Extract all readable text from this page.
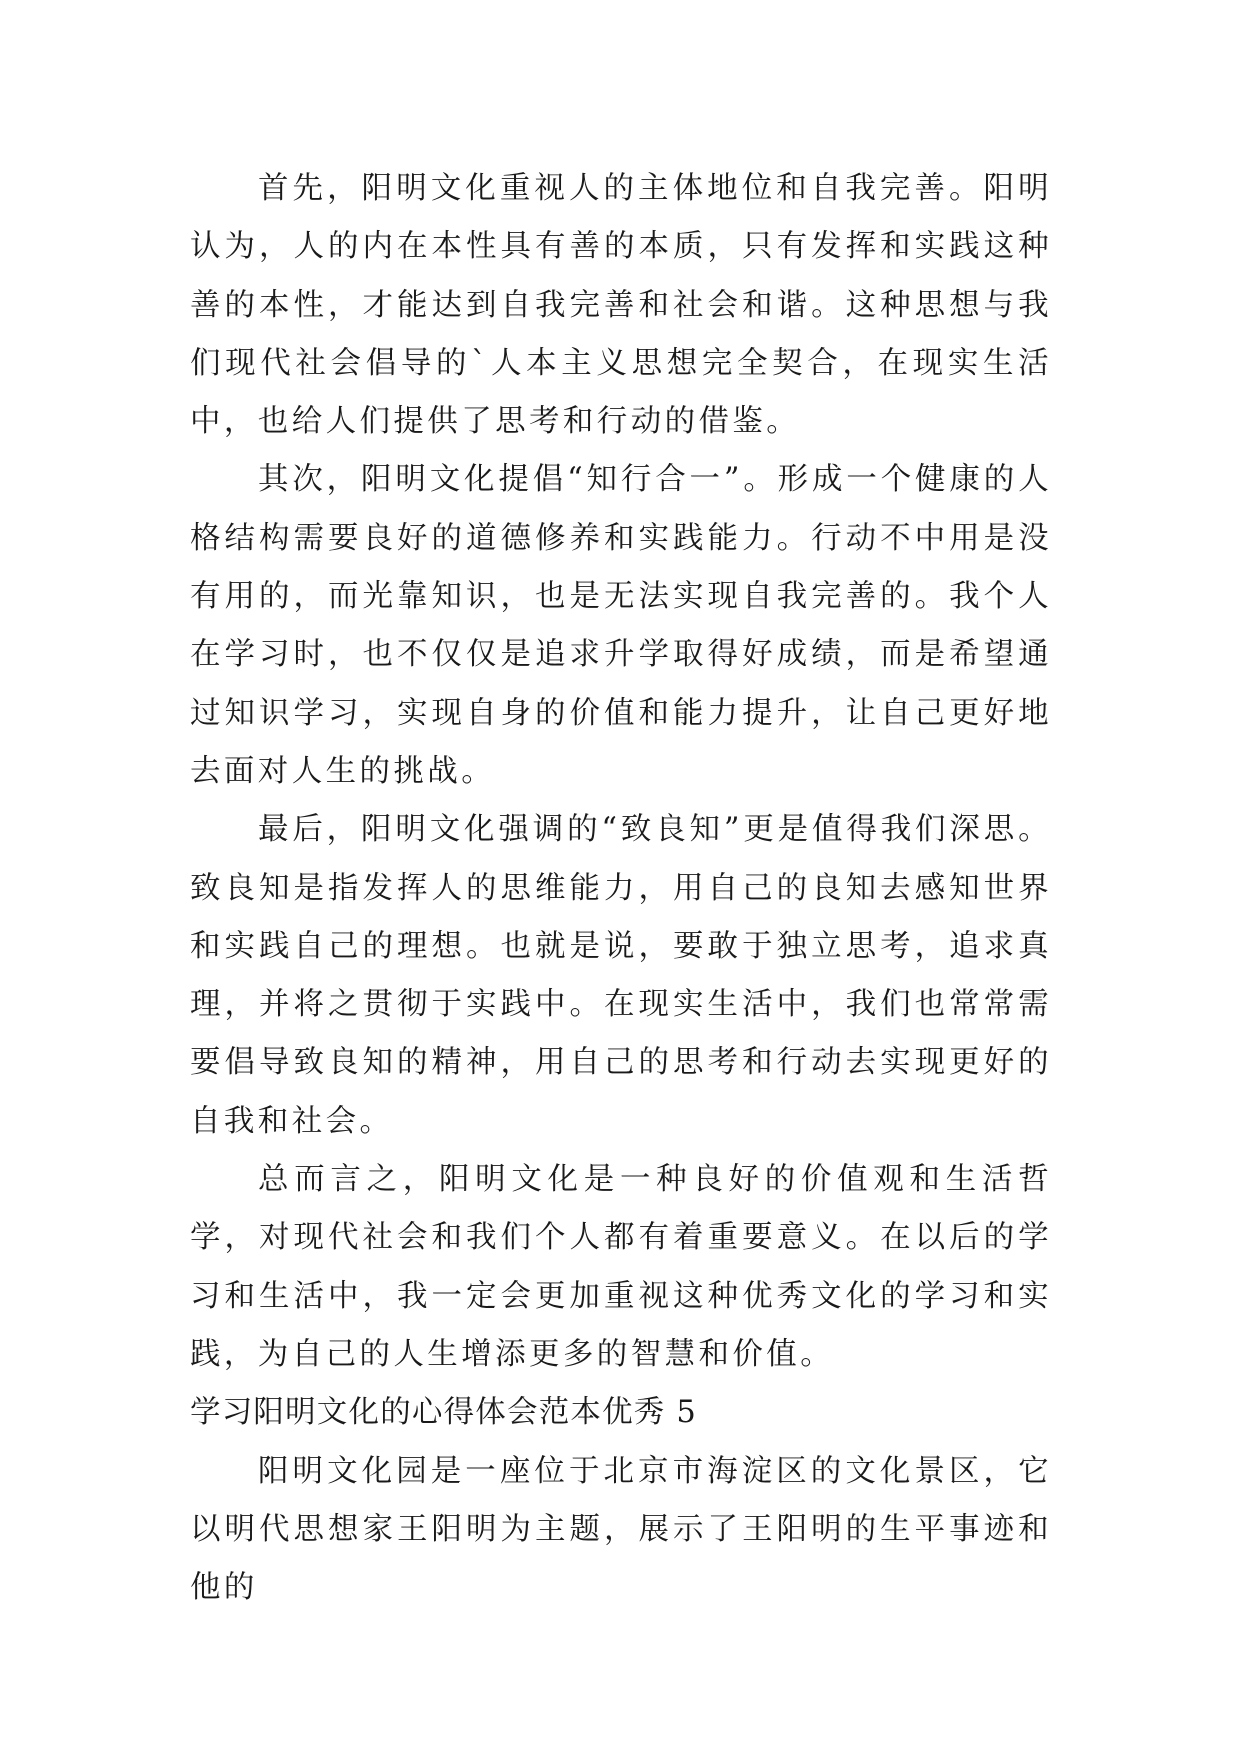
首先，阳明文化重视人的主体地位和自我完善。阳明认为，人的内在本性具有善的本质，只有发挥和实践这种善的本性，才能达到自我完善和社会和谐。这种思想与我们现代社会倡导的`人本主义思想完全契合，在现实生活中，也给人们提供了思考和行动的借鉴。

其次，阳明文化提倡“知行合一”。形成一个健康的人格结构需要良好的道德修养和实践能力。行动不中用是没有用的，而光靠知识，也是无法实现自我完善的。我个人在学习时，也不仅仅是追求升学取得好成绩，而是希望通过知识学习，实现自身的价值和能力提升，让自己更好地去面对人生的挑战。

最后，阳明文化强调的“致良知”更是值得我们深思。致良知是指发挥人的思维能力，用自己的良知去感知世界和实践自己的理想。也就是说，要敢于独立思考，追求真理，并将之贯彻于实践中。在现实生活中，我们也常常需要倡导致良知的精神，用自己的思考和行动去实现更好的自我和社会。

总而言之，阳明文化是一种良好的价值观和生活哲学，对现代社会和我们个人都有着重要意义。在以后的学习和生活中，我一定会更加重视这种优秀文化的学习和实践，为自己的人生增添更多的智慧和价值。

学习阳明文化的心得体会范本优秀 5

阳明文化园是一座位于北京市海淀区的文化景区，它以明代思想家王阳明为主题，展示了王阳明的生平事迹和他的
